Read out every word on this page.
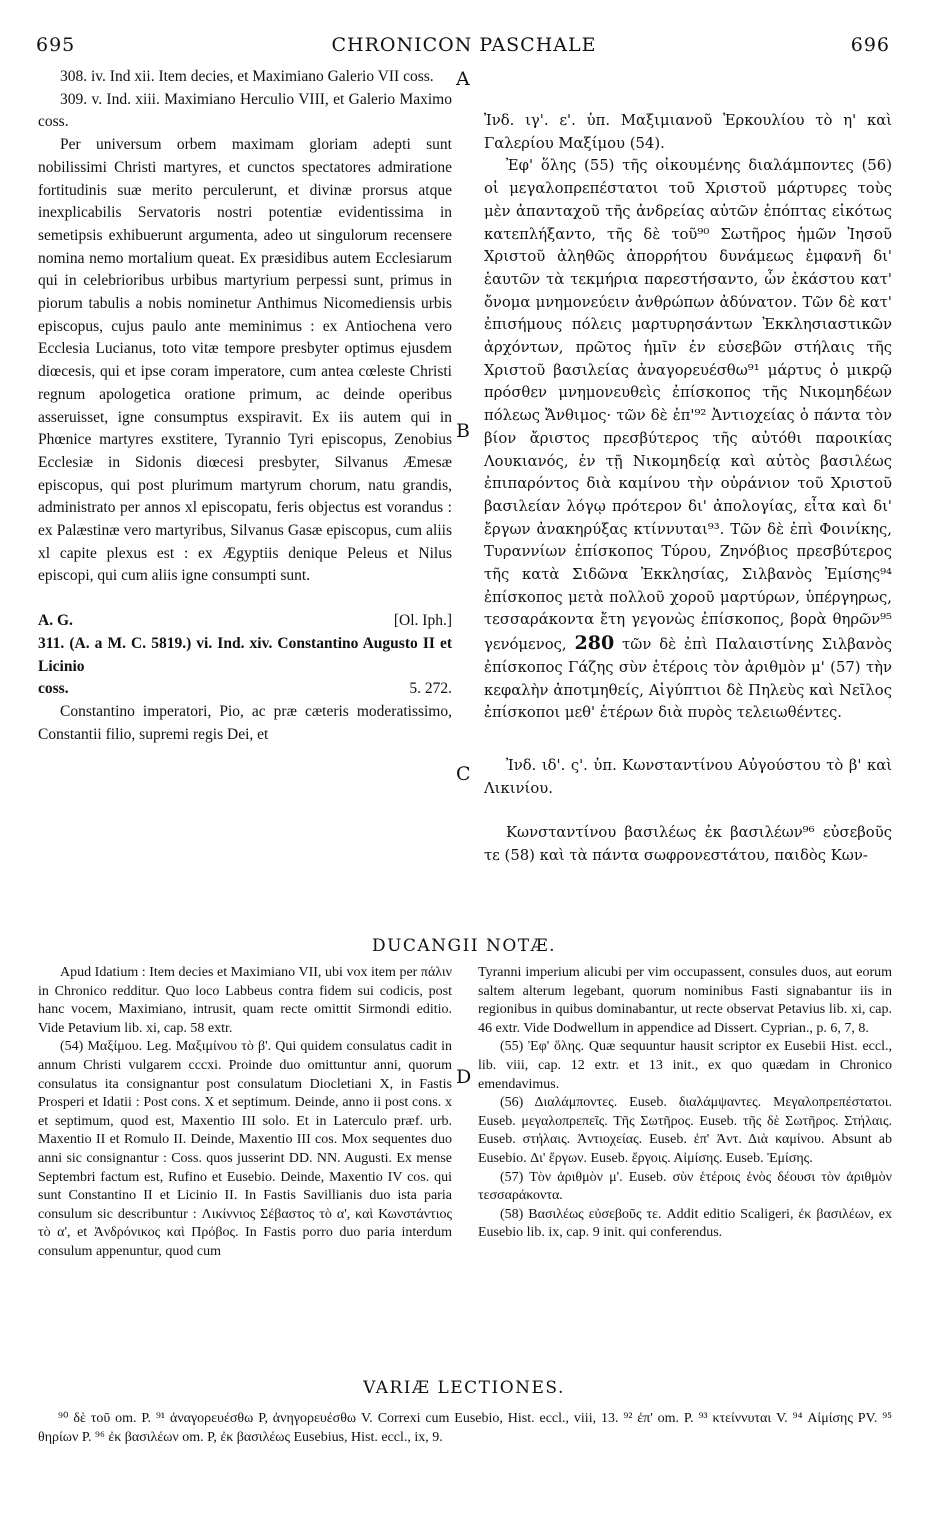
695	CHRONICON PASCHALE	696
A
B
C
D

308. iv. Ind xii. Item decies, et Maximiano Galerio VII coss.

309. v. Ind. xiii. Maximiano Herculio VIII, et Galerio Maximo coss.

Per universum orbem maximam gloriam adepti sunt nobilissimi Christi martyres, et cunctos spectatores admiratione fortitudinis suæ merito perculerunt, et divinæ prorsus atque inexplicabilis Servatoris nostri potentiæ evidentissima in semetipsis exhibuerunt argumenta, adeo ut singulorum recensere nomina nemo mortalium queat. Ex præsidibus autem Ecclesiarum qui in celebrioribus urbibus martyrium perpessi sunt, primus in piorum tabulis a nobis nominetur Anthimus Nicomediensis urbis episcopus, cujus paulo ante meminimus : ex Antiochena vero Ecclesia Lucianus, toto vitæ tempore presbyter optimus ejusdem diœcesis, qui et ipse coram imperatore, cum antea cœleste Christi regnum apologetica oratione primum, ac deinde operibus asseruisset, igne consumptus exspiravit. Ex iis autem qui in Phœnice martyres exstitere, Tyrannio Tyri episcopus, Zenobius Ecclesiæ in Sidonis diœcesi presbyter, Silvanus Æmesæ episcopus, qui post plurimum martyrum chorum, natu grandis, administrato per annos xl episcopatu, feris objectus est vorandus : ex Palæstinæ vero martyribus, Silvanus Gasæ episcopus, cum aliis xl capite plexus est : ex Ægyptiis denique Peleus et Nilus episcopi, qui cum aliis igne consumpti sunt.

A. G.	[Ol. Iph.]

311. (A. a M. C. 5819.) vi. Ind. xiv. Constantino Augusto II et Licinio

coss.	5. 272.

Constantino imperatori, Pio, ac præ cæteris moderatissimo, Constantii filio, supremi regis Dei, et

Ἰνδ. ιγ'. ε'. ὑπ. Μαξιμιανοῦ Ἑρκουλίου τὸ η' καὶ Γαλερίου Μαξίμου (54).

Ἐφ' ὅλης (55) τῆς οἰκουμένης διαλάμποντες (56) οἱ μεγαλοπρεπέστατοι τοῦ Χριστοῦ μάρτυρες τοὺς μὲν ἁπανταχοῦ τῆς ἀνδρείας αὐτῶν ἐπόπτας εἰκότως κατεπλήξαντο, τῆς δὲ τοῦ⁹⁰ Σωτῆρος ἡμῶν Ἰησοῦ Χριστοῦ ἀληθῶς ἀπορρήτου δυνάμεως ἐμφανῆ δι' ἑαυτῶν τὰ τεκμήρια παρεστήσαντο, ὧν ἑκάστου κατ' ὄνομα μνημονεύειν ἀνθρώπων ἀδύνατον. Τῶν δὲ κατ' ἐπισήμους πόλεις μαρτυρησάντων Ἐκκλησιαστικῶν ἀρχόντων, πρῶτος ἡμῖν ἐν εὐσεβῶν στήλαις τῆς Χριστοῦ βασιλείας ἀναγορευέσθω⁹¹ μάρτυς ὁ μικρῷ πρόσθεν μνημονευθεὶς ἐπίσκοπος τῆς Νικομηδέων πόλεως Ἄνθιμος· τῶν δὲ ἐπ'⁹² Ἀντιοχείας ὁ πάντα τὸν βίον ἄριστος πρεσβύτερος τῆς αὐτόθι παροικίας Λουκιανός, ἐν τῇ Νικομηδείᾳ καὶ αὐτὸς βασιλέως ἐπιπαρόντος διὰ καμίνου τὴν οὐράνιον τοῦ Χριστοῦ βασιλείαν λόγῳ πρότερον δι' ἀπολογίας, εἶτα καὶ δι' ἔργων ἀνακηρύξας κτίννυται⁹³. Τῶν δὲ ἐπὶ Φοινίκης, Τυραννίων ἐπίσκοπος Τύρου, Ζηνόβιος πρεσβύτερος τῆς κατὰ Σιδῶνα Ἐκκλησίας, Σιλβανὸς Ἐμίσης⁹⁴ ἐπίσκοπος μετὰ πολλοῦ χοροῦ μαρτύρων, ὑπέργηρως, τεσσαράκοντα ἔτη γεγονὼς ἐπίσκοπος, βορὰ θηρῶν⁹⁵ γενόμενος, 280 τῶν δὲ ἐπὶ Παλαιστίνης Σιλβανὸς ἐπίσκοπος Γάζης σὺν ἑτέροις τὸν ἀριθμὸν μ' (57) τὴν κεφαλὴν ἀποτμηθείς, Αἰγύπτιοι δὲ Πηλεὺς καὶ Νεῖλος ἐπίσκοποι μεθ' ἑτέρων διὰ πυρὸς τελειωθέντες.

Ἰνδ. ιδ'. ς'. ὑπ. Κωνσταντίνου Αὐγούστου τὸ β' καὶ Λικινίου.

Κωνσταντίνου βασιλέως ἐκ βασιλέων⁹⁶ εὐσεβοῦς τε (58) καὶ τὰ πάντα σωφρονεστάτου, παιδὸς Κων-

DUCANGII NOTÆ.

Apud Idatium : Item decies et Maximiano VII, ubi vox item per πάλιν in Chronico redditur. Quo loco Labbeus contra fidem sui codicis, post hanc vocem, Maximiano, intrusit, quam recte omittit Sirmondi editio. Vide Petavium lib. xi, cap. 58 extr.

(54) Μαξίμου. Leg. Μαξιμίνου τὸ β'. Qui quidem consulatus cadit in annum Christi vulgarem cccxi. Proinde duo omittuntur anni, quorum consulatus ita consignantur post consulatum Diocletiani X, in Fastis Prosperi et Idatii : Post cons. X et septimum. Deinde, anno ii post cons. x et septimum, quod est, Maxentio III solo. Et in Laterculo præf. urb. Maxentio II et Romulo II. Deinde, Maxentio III cos. Mox sequentes duo anni sic consignantur : Coss. quos jusserint DD. NN. Augusti. Ex mense Septembri factum est, Rufino et Eusebio. Deinde, Maxentio IV cos. qui sunt Constantino II et Licinio II. In Fastis Savillianis duo ista paria consulum sic describuntur : Λικίννιος Σέβαστος τὸ α', καὶ Κωνστάντιος τὸ α', et Ἀνδρόνικος καὶ Πρόβος. In Fastis porro duo paria interdum consulum appenuntur, quod cum

Tyranni imperium alicubi per vim occupassent, consules duos, aut eorum saltem alterum legebant, quorum nominibus Fasti signabantur iis in regionibus in quibus dominabantur, ut recte observat Petavius lib. xi, cap. 46 extr. Vide Dodwellum in appendice ad Dissert. Cyprian., p. 6, 7, 8.

(55) Ἐφ' ὅλης. Quæ sequuntur hausit scriptor ex Eusebii Hist. eccl., lib. viii, cap. 12 extr. et 13 init., ex quo quædam in Chronico emendavimus.

(56) Διαλάμποντες. Euseb. διαλάμψαντες. Μεγαλοπρεπέστατοι. Euseb. μεγαλοπρεπεῖς. Τῆς Σωτῆρος. Euseb. τῆς δὲ Σωτῆρος. Στήλαις. Euseb. στήλαις. Ἀντιοχείας. Euseb. ἐπ' Ἀντ. Διὰ καμίνου. Absunt ab Eusebio. Δι' ἔργων. Euseb. ἔργοις. Αἰμίσης. Euseb. Ἐμίσης.

(57) Τὸν ἀριθμὸν μ'. Euseb. σὺν ἑτέροις ἑνὸς δέουσι τὸν ἀριθμὸν τεσσαράκοντα.

(58) Βασιλέως εὐσεβοῦς τε. Addit editio Scaligeri, ἐκ βασιλέων, ex Eusebio lib. ix, cap. 9 init. qui conferendus.

VARIÆ LECTIONES.

⁹⁰ δὲ τοῦ om. P. ⁹¹ ἀναγορευέσθω P, ἀνηγορευέσθω V. Correxi cum Eusebio, Hist. eccl., viii, 13. ⁹² ἐπ' om. P. ⁹³ κτείννυται V. ⁹⁴ Αἰμίσης PV. ⁹⁵ θηρίων P. ⁹⁶ ἐκ βασιλέων om. P, ἐκ βασιλέως Eusebius, Hist. eccl., ix, 9.
